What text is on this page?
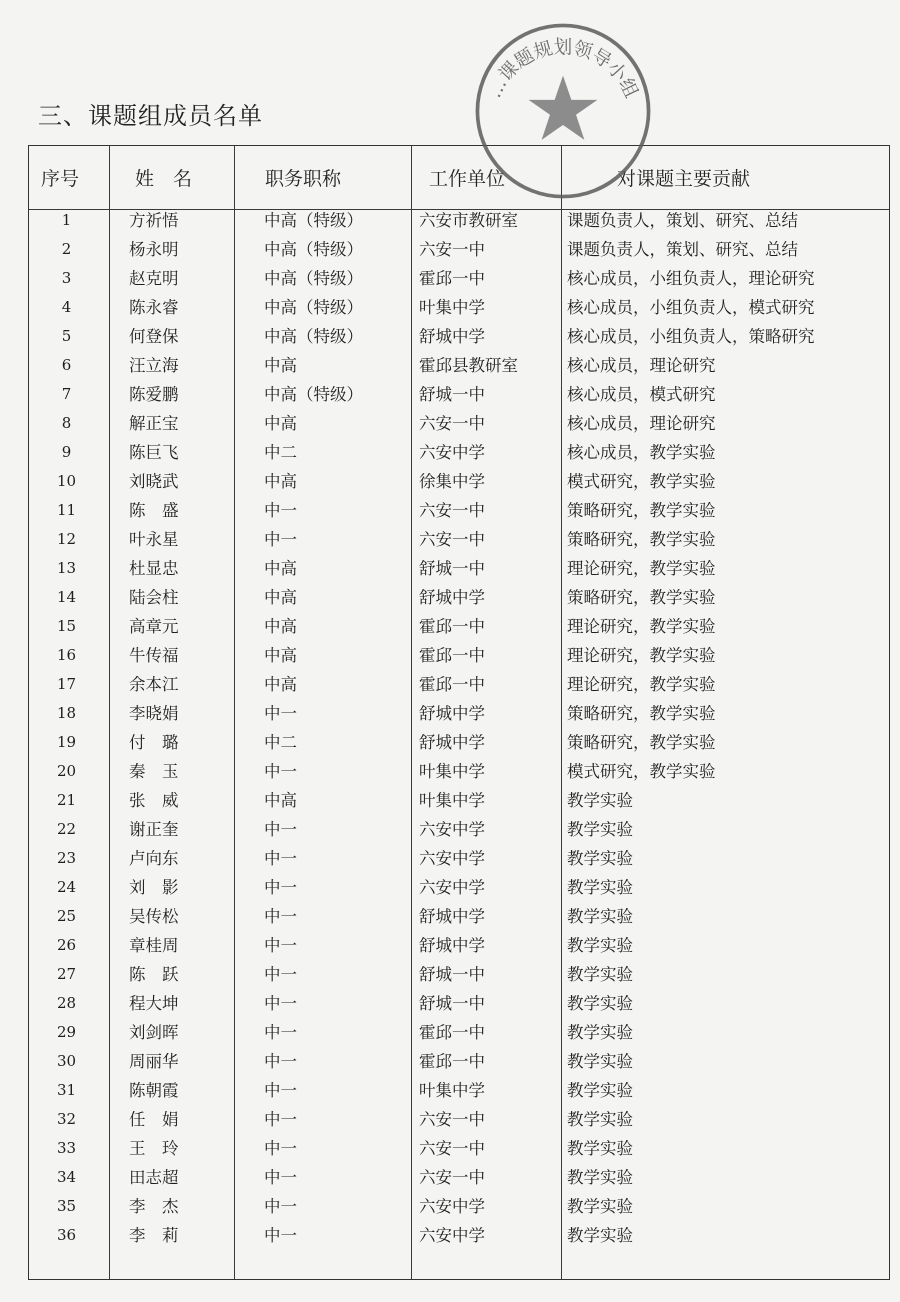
三、课题组成员名单
序号	姓　名	职务职称	工作单位	对课题主要贡献
1	方祈悟	中高（特级）	六安市教研室	课题负责人，策划、研究、总结
2	杨永明	中高（特级）	六安一中	课题负责人，策划、研究、总结
3	赵克明	中高（特级）	霍邱一中	核心成员，小组负责人，理论研究
4	陈永睿	中高（特级）	叶集中学	核心成员，小组负责人，模式研究
5	何登保	中高（特级）	舒城中学	核心成员，小组负责人，策略研究
6	汪立海	中高	霍邱县教研室	核心成员，理论研究
7	陈爱鹏	中高（特级）	舒城一中	核心成员，模式研究
8	解正宝	中高	六安一中	核心成员，理论研究
9	陈巨飞	中二	六安中学	核心成员，教学实验
10	刘晓武	中高	徐集中学	模式研究，教学实验
11	陈　盛	中一	六安一中	策略研究，教学实验
12	叶永星	中一	六安一中	策略研究，教学实验
13	杜显忠	中高	舒城一中	理论研究，教学实验
14	陆会柱	中高	舒城中学	策略研究，教学实验
15	高章元	中高	霍邱一中	理论研究，教学实验
16	牛传福	中高	霍邱一中	理论研究，教学实验
17	余本江	中高	霍邱一中	理论研究，教学实验
18	李晓娟	中一	舒城中学	策略研究，教学实验
19	付　璐	中二	舒城中学	策略研究，教学实验
20	秦　玉	中一	叶集中学	模式研究，教学实验
21	张　威	中高	叶集中学	教学实验
22	谢正奎	中一	六安中学	教学实验
23	卢向东	中一	六安中学	教学实验
24	刘　影	中一	六安中学	教学实验
25	吴传松	中一	舒城中学	教学实验
26	章桂周	中一	舒城中学	教学实验
27	陈　跃	中一	舒城一中	教学实验
28	程大坤	中一	舒城一中	教学实验
29	刘剑晖	中一	霍邱一中	教学实验
30	周丽华	中一	霍邱一中	教学实验
31	陈朝霞	中一	叶集中学	教学实验
32	任　娟	中一	六安一中	教学实验
33	王　玲	中一	六安一中	教学实验
34	田志超	中一	六安一中	教学实验
35	李　杰	中一	六安中学	教学实验
36	李　莉	中一	六安中学	教学实验
…课题规划领导小组
